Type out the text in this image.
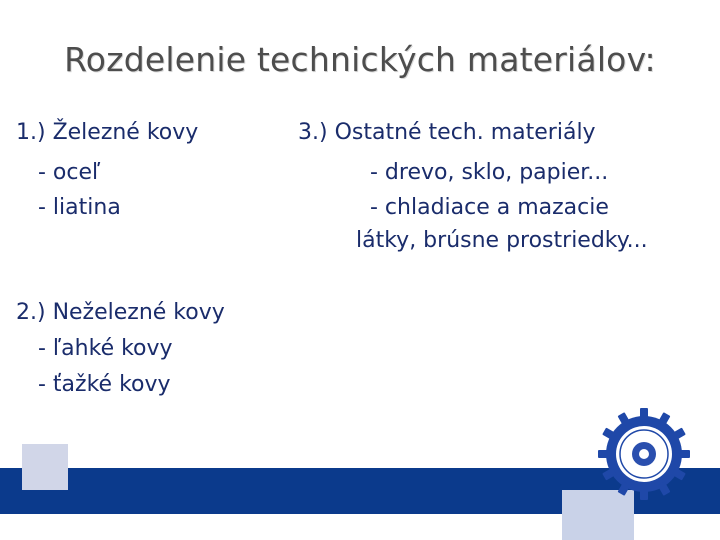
Rozdelenie technických materiálov:
1.) Železné kovy
- oceľ
- liatina
2.) Neželezné kovy
- ľahké kovy
- ťažké kovy
3.) Ostatné tech. materiály
- drevo, sklo, papier...
- chladiace a mazacie
látky, brúsne prostriedky...
